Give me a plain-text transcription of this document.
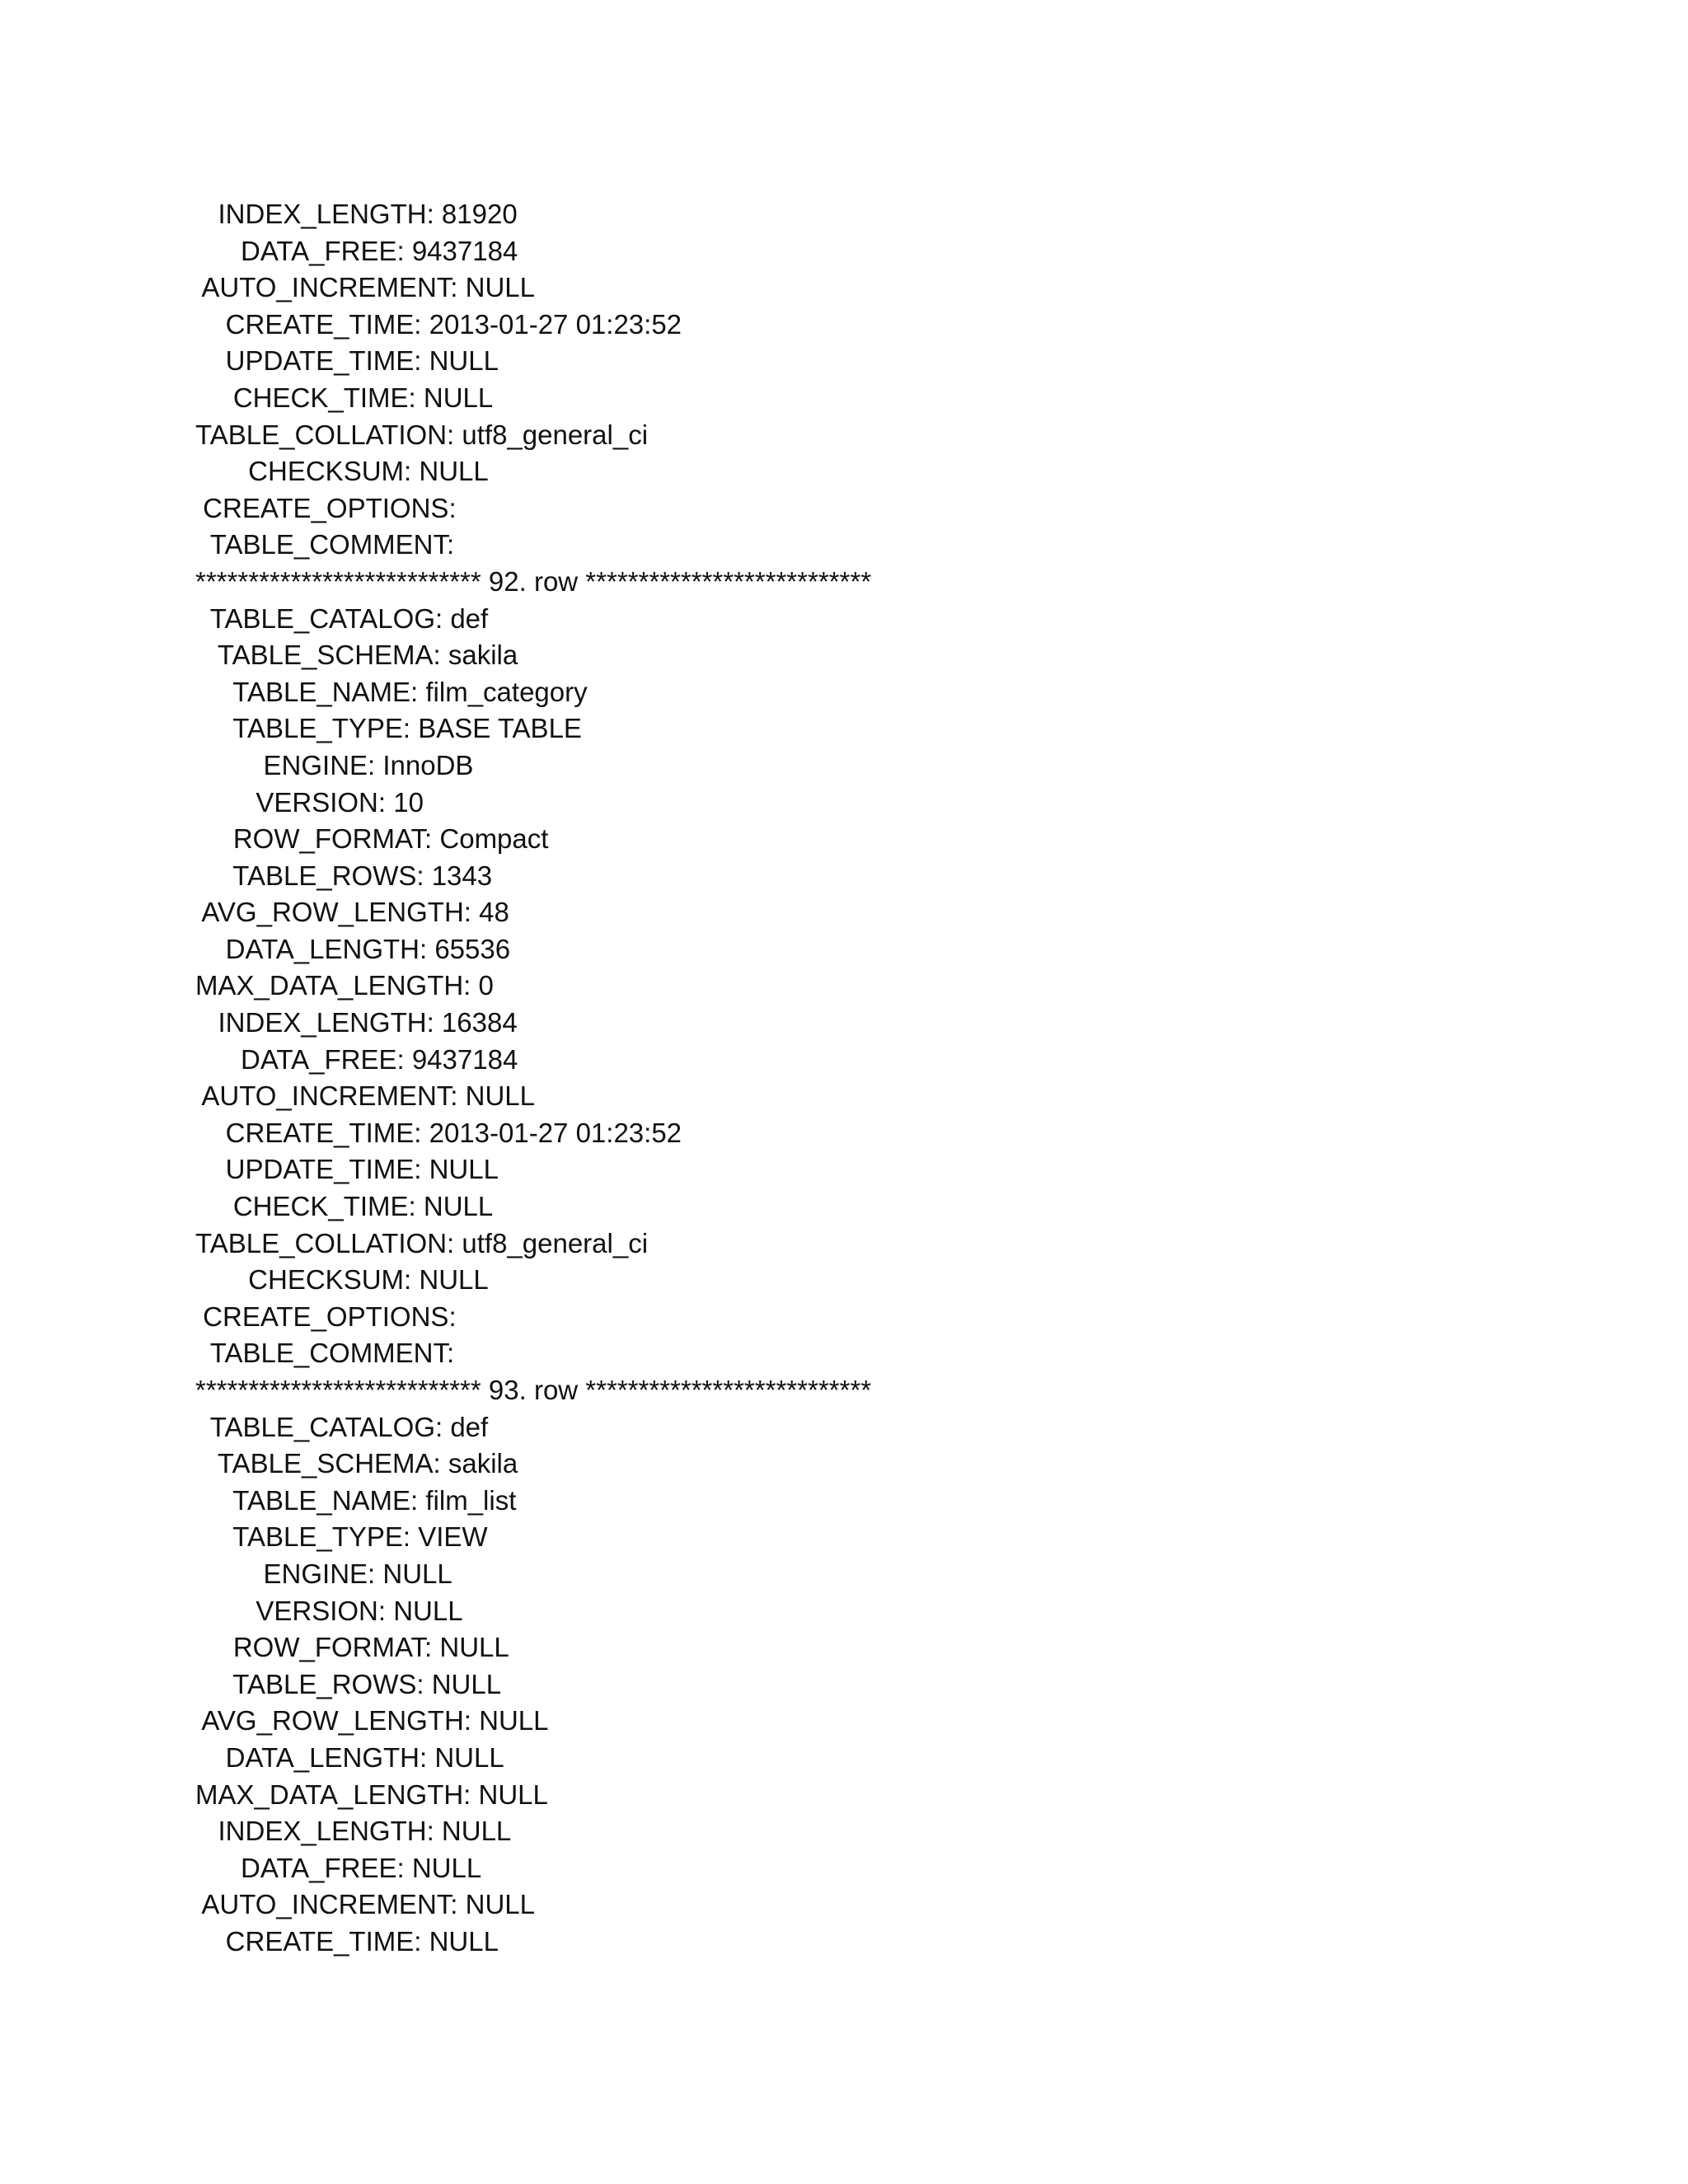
INDEX_LENGTH: 81920
DATA_FREE: 9437184
AUTO_INCREMENT: NULL
CREATE_TIME: 2013-01-27 01:23:52
UPDATE_TIME: NULL
CHECK_TIME: NULL
TABLE_COLLATION: utf8_general_ci
CHECKSUM: NULL
CREATE_OPTIONS:
TABLE_COMMENT:
*************************** 92. row ***************************
TABLE_CATALOG: def
TABLE_SCHEMA: sakila
TABLE_NAME: film_category
TABLE_TYPE: BASE TABLE
ENGINE: InnoDB
VERSION: 10
ROW_FORMAT: Compact
TABLE_ROWS: 1343
AVG_ROW_LENGTH: 48
DATA_LENGTH: 65536
MAX_DATA_LENGTH: 0
INDEX_LENGTH: 16384
DATA_FREE: 9437184
AUTO_INCREMENT: NULL
CREATE_TIME: 2013-01-27 01:23:52
UPDATE_TIME: NULL
CHECK_TIME: NULL
TABLE_COLLATION: utf8_general_ci
CHECKSUM: NULL
CREATE_OPTIONS:
TABLE_COMMENT:
*************************** 93. row ***************************
TABLE_CATALOG: def
TABLE_SCHEMA: sakila
TABLE_NAME: film_list
TABLE_TYPE: VIEW
ENGINE: NULL
VERSION: NULL
ROW_FORMAT: NULL
TABLE_ROWS: NULL
AVG_ROW_LENGTH: NULL
DATA_LENGTH: NULL
MAX_DATA_LENGTH: NULL
INDEX_LENGTH: NULL
DATA_FREE: NULL
AUTO_INCREMENT: NULL
CREATE_TIME: NULL
